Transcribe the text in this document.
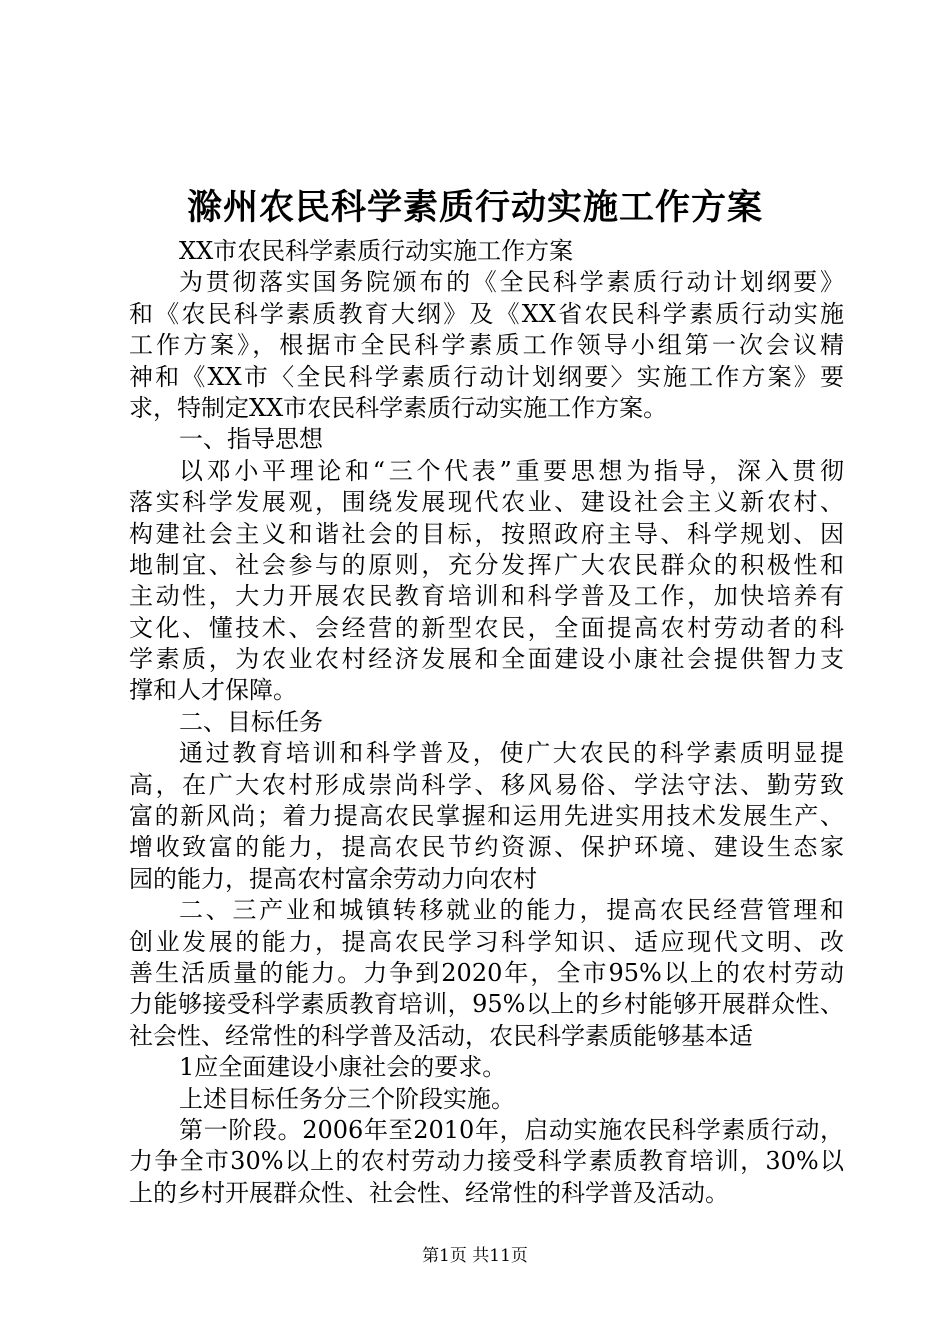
滁州农民科学素质行动实施工作方案
XX市农民科学素质行动实施工作方案
为贯彻落实国务院颁布的《全民科学素质行动计划纲要》
和《农民科学素质教育大纲》及《XX省农民科学素质行动实施
工作方案》，根据市全民科学素质工作领导小组第一次会议精
神和《XX市〈全民科学素质行动计划纲要〉实施工作方案》要
求，特制定XX市农民科学素质行动实施工作方案。
一、指导思想
以邓小平理论和“三个代表”重要思想为指导，深入贯彻
落实科学发展观，围绕发展现代农业、建设社会主义新农村、
构建社会主义和谐社会的目标，按照政府主导、科学规划、因
地制宜、社会参与的原则，充分发挥广大农民群众的积极性和
主动性，大力开展农民教育培训和科学普及工作，加快培养有
文化、懂技术、会经营的新型农民，全面提高农村劳动者的科
学素质，为农业农村经济发展和全面建设小康社会提供智力支
撑和人才保障。
二、目标任务
通过教育培训和科学普及，使广大农民的科学素质明显提
高，在广大农村形成崇尚科学、移风易俗、学法守法、勤劳致
富的新风尚；着力提高农民掌握和运用先进实用技术发展生产、
增收致富的能力，提高农民节约资源、保护环境、建设生态家
园的能力，提高农村富余劳动力向农村
二、三产业和城镇转移就业的能力，提高农民经营管理和
创业发展的能力，提高农民学习科学知识、适应现代文明、改
善生活质量的能力。力争到2020年，全市95%以上的农村劳动
力能够接受科学素质教育培训，95%以上的乡村能够开展群众性、
社会性、经常性的科学普及活动，农民科学素质能够基本适
1应全面建设小康社会的要求。
上述目标任务分三个阶段实施。
第一阶段。2006年至2010年，启动实施农民科学素质行动，
力争全市30%以上的农村劳动力接受科学素质教育培训，30%以
上的乡村开展群众性、社会性、经常性的科学普及活动。
第1页 共11页
